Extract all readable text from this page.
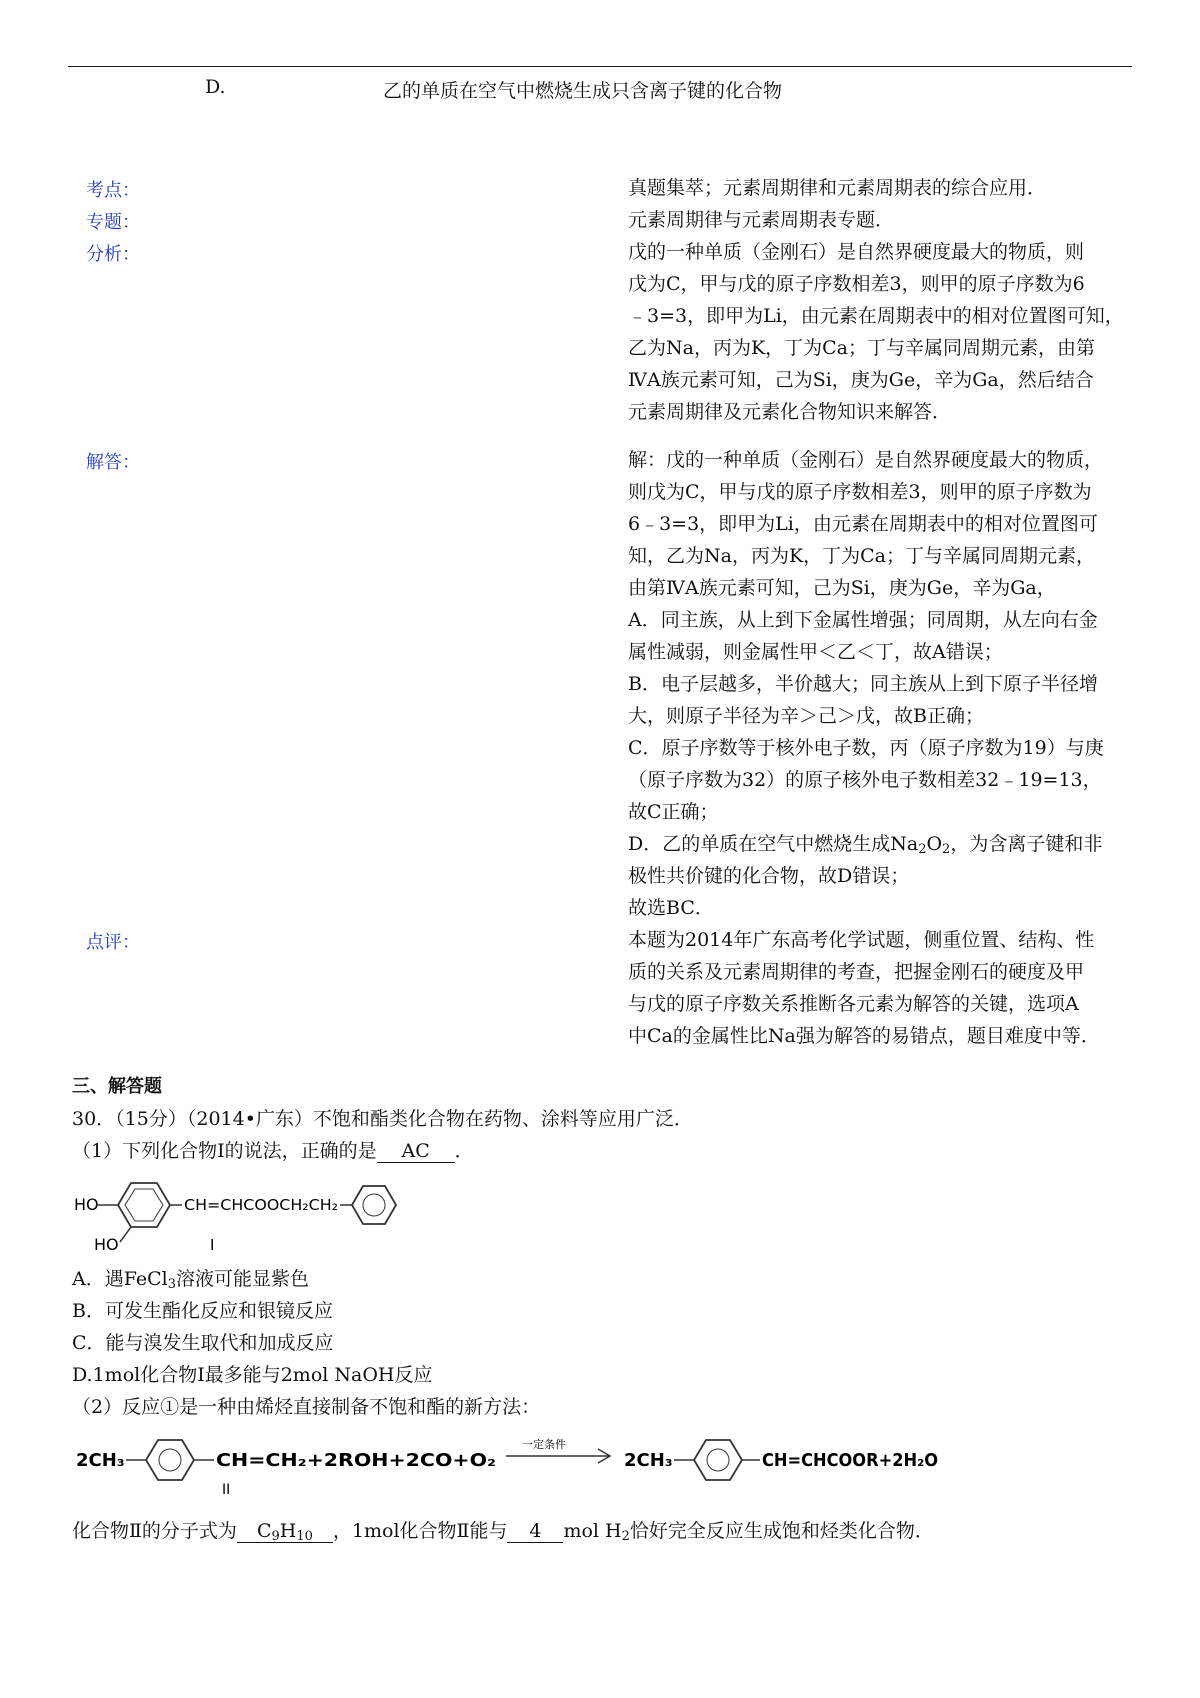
D.	乙的单质在空气中燃烧生成只含离子键的化合物
考点：	真题集萃；元素周期律和元素周期表的综合应用．
专题：	元素周期律与元素周期表专题．
分析：	戊的一种单质（金刚石）是自然界硬度最大的物质，则
戊为C，甲与戊的原子序数相差3，则甲的原子序数为6
﹣3=3，即甲为Li，由元素在周期表中的相对位置图可知，
乙为Na，丙为K，丁为Ca；丁与辛属同周期元素，由第
ⅣA族元素可知，己为Si，庚为Ge，辛为Ga，然后结合
元素周期律及元素化合物知识来解答．
解答：	解：戊的一种单质（金刚石）是自然界硬度最大的物质，
则戊为C，甲与戊的原子序数相差3，则甲的原子序数为
6﹣3=3，即甲为Li，由元素在周期表中的相对位置图可
知，乙为Na，丙为K，丁为Ca；丁与辛属同周期元素，
由第ⅣA族元素可知，己为Si，庚为Ge，辛为Ga，
A．同主族，从上到下金属性增强；同周期，从左向右金
属性减弱，则金属性甲＜乙＜丁，故A错误；
B．电子层越多，半价越大；同主族从上到下原子半径增
大，则原子半径为辛＞己＞戊，故B正确；
C．原子序数等于核外电子数，丙（原子序数为19）与庚
（原子序数为32）的原子核外电子数相差32﹣19=13，
故C正确；
D．乙的单质在空气中燃烧生成$Na_2O_2$，为含离子键和非
极性共价键的化合物，故D错误；
故选BC．
点评：	本题为2014年广东高考化学试题，侧重位置、结构、性
质的关系及元素周期律的考查，把握金刚石的硬度及甲
与戊的原子序数关系推断各元素为解答的关键，选项A
中Ca的金属性比Na强为解答的易错点，题目难度中等．
三、解答题
30．（15分）（2014•广东）不饱和酯类化合物在药物、涂料等应用广泛．
（1）下列化合物Ⅰ的说法，正确的是 AC ．
HO
HO
CH=CHCOOCH₂CH₂
I
A．遇FeCl$_3$溶液可能显紫色
B．可发生酯化反应和银镜反应
C．能与溴发生取代和加成反应
D.1mol化合物Ⅰ最多能与2mol NaOH反应
（2）反应①是一种由烯烃直接制备不饱和酯的新方法：
2CH₃	CH=CH₂+2ROH+2CO+O₂
II
一定条件
2CH₃	CH=CHCOOR+2H₂O
化合物Ⅱ的分子式为 $C_9H_{10}$ ，1mol化合物Ⅱ能与 4 mol $H_2$恰好完全反应生成饱和烃类化合物．
